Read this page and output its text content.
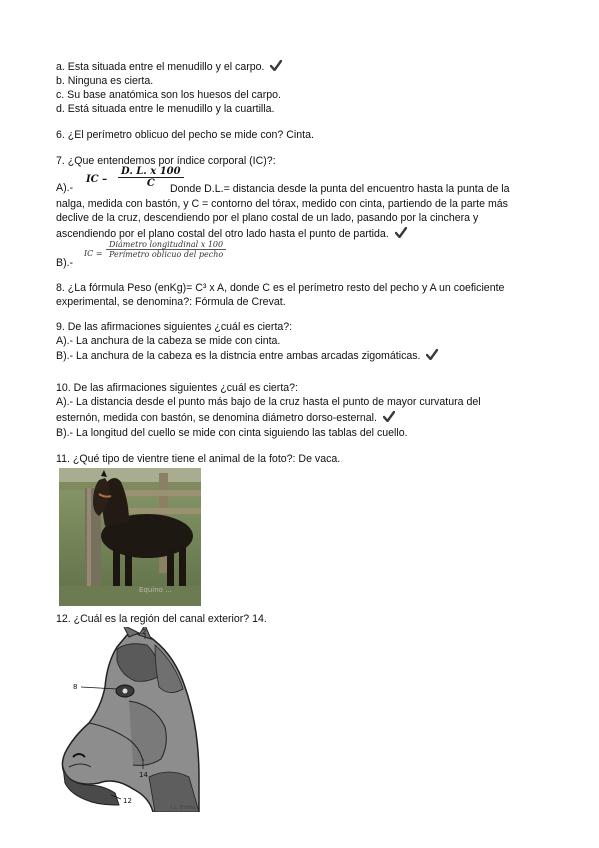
a. Esta situada entre el menudillo y el carpo.
b. Ninguna es cierta.
c. Su base anatómica son los huesos del carpo.
d. Está situada entre le menudillo y la cuartilla.
6. ¿El perímetro oblicuo del pecho se mide con? Cinta.
7. ¿Que entendemos por índice corporal (IC)?:
A).-
IC – $\frac{D. L. x 100}{C}$
Donde D.L.= distancia desde la punta del encuentro hasta la punta de la
nalga, medida con bastón, y C = contorno del tórax, medido con cinta, partiendo de la parte más
declive de la cruz, descendiendo por el plano costal de un lado, pasando por la cinchera y
ascendiendo por el plano costal del otro lado hasta el punto de partida.
B).-
IC =
Diámetro longitudinal x 100
Perímetro oblicuo del pecho
8. ¿La fórmula Peso (enKg)= C³ x A, donde C es el perímetro resto del pecho y A un coeficiente
experimental, se denomina?: Fórmula de Crevat.
9. De las afirmaciones siguientes ¿cuál es cierta?:
A).- La anchura de la cabeza se mide con cinta.
B).- La anchura de la cabeza es la distncia entre ambas arcadas zigomáticas.
10. De las afirmaciones siguientes ¿cuál es cierta?:
A).- La distancia desde el punto más bajo de la cruz hasta el punto de mayor curvatura del
esternón, medida con bastón, se denomina diámetro dorso-esternal.
B).- La longitud del cuello se mide con cinta siguiendo las tablas del cuello.
11. ¿Qué tipo de vientre tiene el animal de la foto?: De vaca.
Equino ...
12. ¿Cuál es la región del canal exterior? 14.
2
8
14
12
J.L. Emilio
